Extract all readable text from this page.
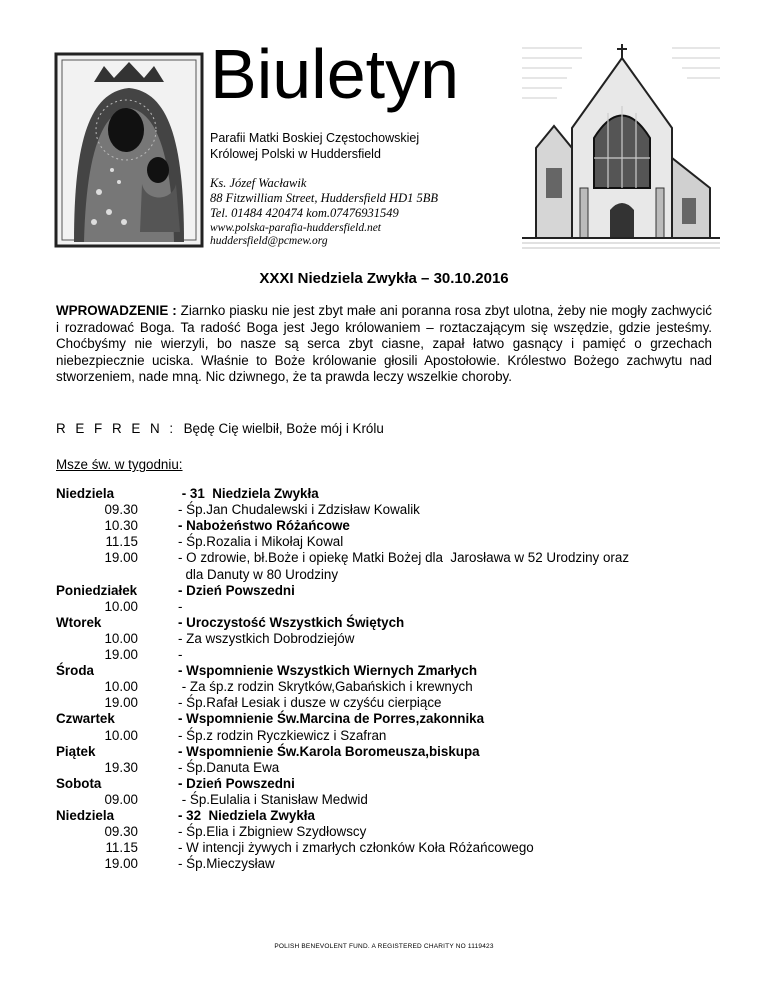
Biuletyn
Parafii Matki Boskiej Częstochowskiej
Królowej Polski w Huddersfield
Ks. Józef Wacławik
88 Fitzwilliam Street, Huddersfield HD1 5BB
Tel. 01484 420474 kom.07476931549
www.polska-parafia-huddersfield.net
huddersfield@pcmew.org
XXXI Niedziela Zwykła – 30.10.2016
WPROWADZENIE : Ziarnko piasku nie jest zbyt małe ani poranna rosa zbyt ulotna, żeby nie mogły zachwycić i rozradować Boga. Ta radość Boga jest Jego królowaniem – roztaczającym się wszędzie, gdzie jesteśmy. Choćbyśmy nie wierzyli, bo nasze są serca zbyt ciasne, zapał łatwo gasnący i pamięć o grzechach niebezpiecznie uciska. Właśnie to Boże królowanie głosili Apostołowie. Królestwo Bożego zachwytu nad stworzeniem, nade mną. Nic dziwnego, że ta prawda leczy wszelkie choroby.
R E F R E N : Będę Cię wielbił, Boże mój i Królu
Msze św. w tygodniu:
Niedziela	- 31  Niedziela Zwykła
09.30	- Śp.Jan Chudalewski i Zdzisław Kowalik
10.30	- Nabożeństwo Różańcowe
11.15	- Śp.Rozalia i Mikołaj Kowal
19.00	- O zdrowie, bł.Boże i opiekę Matki Bożej dla  Jarosława w 52 Urodziny oraz
dla Danuty w 80 Urodziny
Poniedziałek	- Dzień Powszedni
10.00	-
Wtorek	- Uroczystość Wszystkich Świętych
10.00	- Za wszystkich Dobrodziejów
19.00	-
Środa	- Wspomnienie Wszystkich Wiernych Zmarłych
10.00	- Za śp.z rodzin Skrytków,Gabańskich i krewnych
19.00	- Śp.Rafał Lesiak i dusze w czyśću cierpiące
Czwartek	- Wspomnienie Św.Marcina de Porres,zakonnika
10.00	- Śp.z rodzin Ryczkiewicz i Szafran
Piątek	- Wspomnienie Św.Karola Boromeusza,biskupa
19.30	- Śp.Danuta Ewa
Sobota	- Dzień Powszedni
09.00	- Śp.Eulalia i Stanisław Medwid
Niedziela	- 32  Niedziela Zwykła
09.30	- Śp.Elia i Zbigniew Szydłowscy
11.15	- W intencji żywych i zmarłych członków Koła Różańcowego
19.00	- Śp.Mieczysław
POLISH BENEVOLENT FUND. A REGISTERED CHARITY NO 1119423
